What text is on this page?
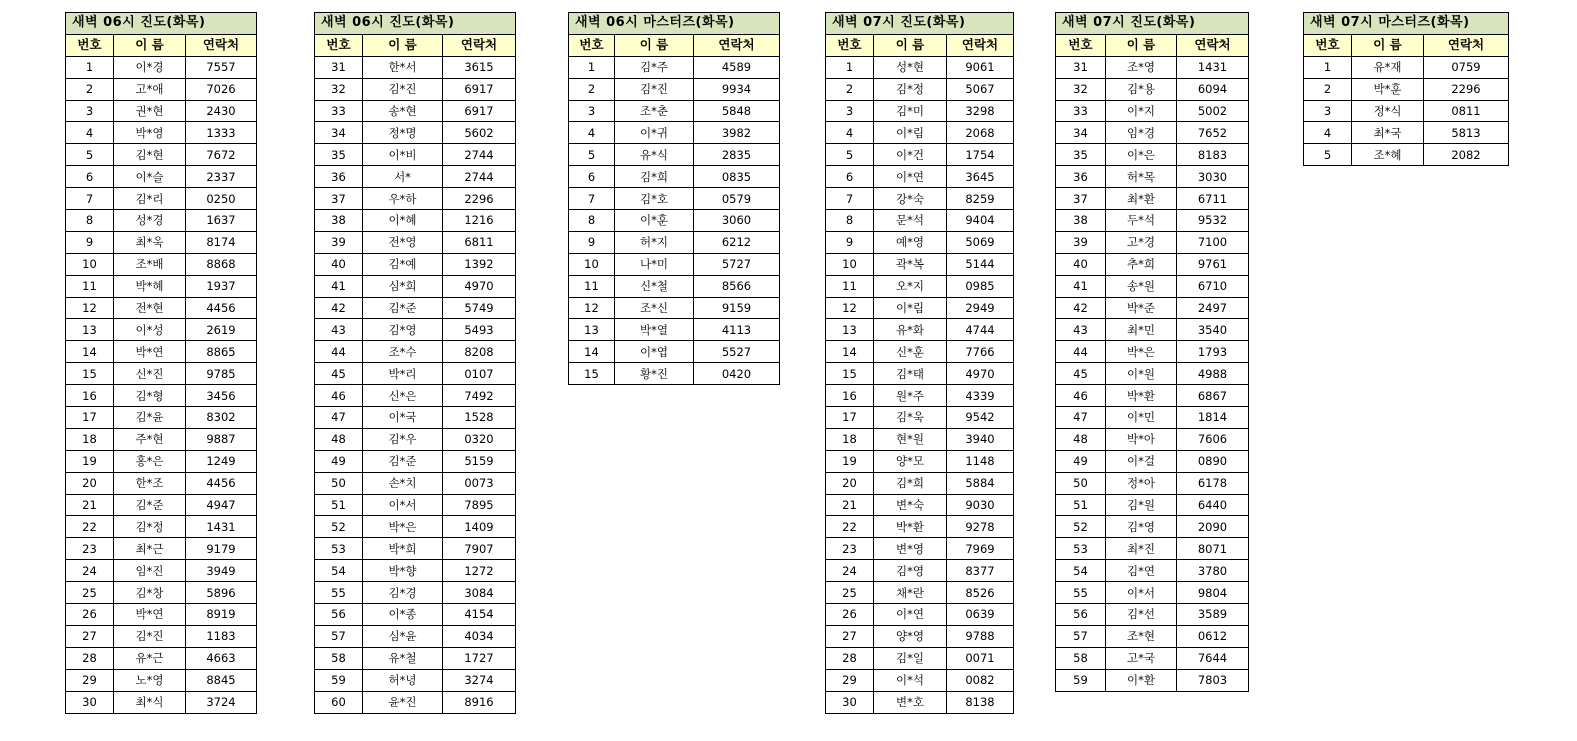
새벽 06시 진도(화목)		
번호	이 름	연락처
1	이*경	7557
2	고*애	7026
3	권*현	2430
4	박*영	1333
5	김*현	7672
6	이*슬	2337
7	김*리	0250
8	성*경	1637
9	최*욱	8174
10	조*배	8868
11	박*혜	1937
12	전*현	4456
13	이*성	2619
14	박*연	8865
15	신*진	9785
16	김*형	3456
17	김*윤	8302
18	주*현	9887
19	홍*은	1249
20	한*조	4456
21	김*준	4947
22	김*정	1431
23	최*근	9179
24	임*진	3949
25	김*창	5896
26	박*연	8919
27	김*진	1183
28	유*근	4663
29	노*영	8845
30	최*식	3724
새벽 06시 진도(화목)		
번호	이 름	연락처
31	한*서	3615
32	김*진	6917
33	송*현	6917
34	정*명	5602
35	이*비	2744
36	서*	2744
37	우*하	2296
38	이*혜	1216
39	전*영	6811
40	김*예	1392
41	심*희	4970
42	김*준	5749
43	김*영	5493
44	조*수	8208
45	박*리	0107
46	신*은	7492
47	이*국	1528
48	김*우	0320
49	김*준	5159
50	손*치	0073
51	이*서	7895
52	박*은	1409
53	박*희	7907
54	박*향	1272
55	김*경	3084
56	이*종	4154
57	심*윤	4034
58	유*철	1727
59	허*녕	3274
60	윤*진	8916
새벽 06시 마스터즈(화목)		
번호	이 름	연락처
1	김*주	4589
2	김*진	9934
3	조*춘	5848
4	이*귀	3982
5	유*식	2835
6	김*희	0835
7	김*호	0579
8	이*훈	3060
9	허*지	6212
10	나*미	5727
11	신*철	8566
12	조*신	9159
13	박*열	4113
14	이*엽	5527
15	황*진	0420
새벽 07시 진도(화목)		
번호	이 름	연락처
1	성*현	9061
2	김*정	5067
3	김*미	3298
4	이*림	2068
5	이*건	1754
6	이*연	3645
7	강*숙	8259
8	문*석	9404
9	예*영	5069
10	곽*복	5144
11	오*지	0985
12	이*림	2949
13	유*화	4744
14	신*훈	7766
15	김*태	4970
16	원*주	4339
17	김*욱	9542
18	현*원	3940
19	양*모	1148
20	김*희	5884
21	변*숙	9030
22	박*환	9278
23	변*영	7969
24	김*영	8377
25	채*란	8526
26	이*연	0639
27	양*영	9788
28	김*일	0071
29	이*석	0082
30	변*호	8138
새벽 07시 진도(화목)		
번호	이 름	연락처
31	조*영	1431
32	김*용	6094
33	이*지	5002
34	임*경	7652
35	이*은	8183
36	허*목	3030
37	최*환	6711
38	두*석	9532
39	고*경	7100
40	추*희	9761
41	송*원	6710
42	박*준	2497
43	최*민	3540
44	박*은	1793
45	이*원	4988
46	박*환	6867
47	이*민	1814
48	박*아	7606
49	이*걸	0890
50	정*아	6178
51	김*원	6440
52	김*영	2090
53	최*진	8071
54	김*연	3780
55	이*서	9804
56	김*선	3589
57	조*현	0612
58	고*국	7644
59	이*환	7803
새벽 07시 마스터즈(화목)		
번호	이 름	연락처
1	유*재	0759
2	박*훈	2296
3	정*식	0811
4	최*국	5813
5	조*혜	2082
